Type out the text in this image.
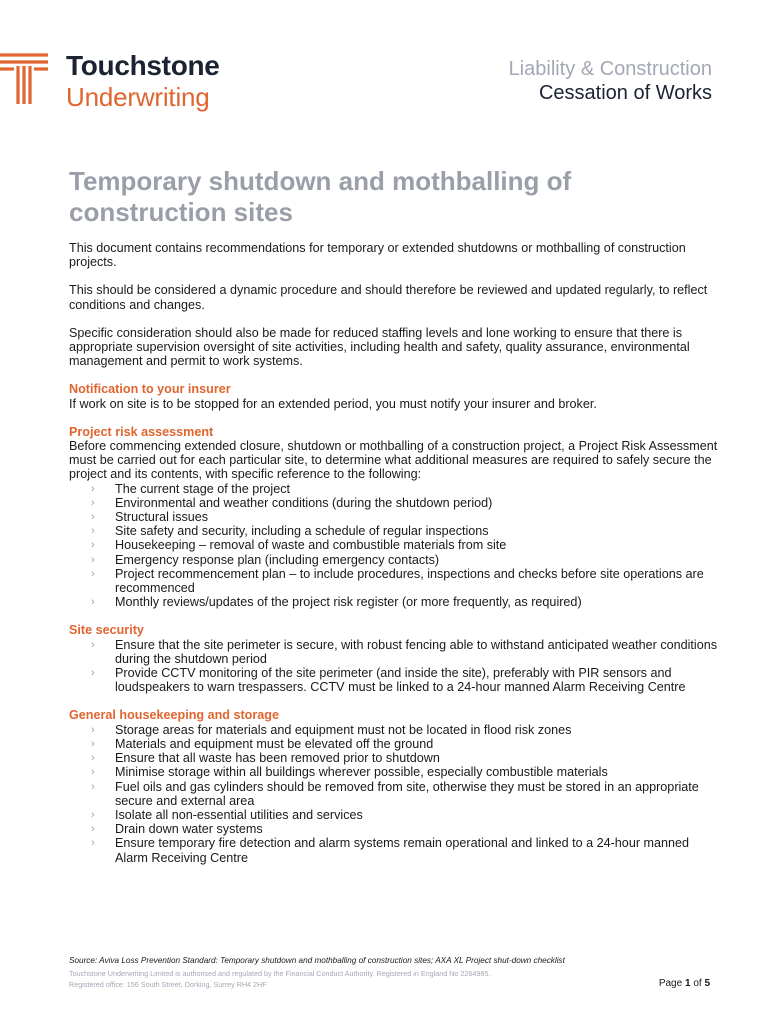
Touchstone
Underwriting
Liability & Construction
Cessation of Works
Temporary shutdown and mothballing of construction sites

This document contains recommendations for temporary or extended shutdowns or mothballing of construction projects.

This should be considered a dynamic procedure and should therefore be reviewed and updated regularly, to reflect conditions and changes.

Specific consideration should also be made for reduced staffing levels and lone working to ensure that there is appropriate supervision oversight of site activities, including health and safety, quality assurance, environmental management and permit to work systems.

Notification to your insurer
If work on site is to be stopped for an extended period, you must notify your insurer and broker.
Project risk assessment
Before commencing extended closure, shutdown or mothballing of a construction project, a Project Risk Assessment must be carried out for each particular site, to determine what additional measures are required to safely secure the project and its contents, with specific reference to the following:
› The current stage of the project
› Environmental and weather conditions (during the shutdown period)
› Structural issues
› Site safety and security, including a schedule of regular inspections
› Housekeeping – removal of waste and combustible materials from site
› Emergency response plan (including emergency contacts)
› Project recommencement plan – to include procedures, inspections and checks before site operations are recommenced
› Monthly reviews/updates of the project risk register (or more frequently, as required)
Site security
› Ensure that the site perimeter is secure, with robust fencing able to withstand anticipated weather conditions during the shutdown period
› Provide CCTV monitoring of the site perimeter (and inside the site), preferably with PIR sensors and loudspeakers to warn trespassers. CCTV must be linked to a 24-hour manned Alarm Receiving Centre
General housekeeping and storage
› Storage areas for materials and equipment must not be located in flood risk zones
› Materials and equipment must be elevated off the ground
› Ensure that all waste has been removed prior to shutdown
› Minimise storage within all buildings wherever possible, especially combustible materials
› Fuel oils and gas cylinders should be removed from site, otherwise they must be stored in an appropriate secure and external area
› Isolate all non-essential utilities and services
› Drain down water systems
› Ensure temporary fire detection and alarm systems remain operational and linked to a 24-hour manned Alarm Receiving Centre
Source: Aviva Loss Prevention Standard: Temporary shutdown and mothballing of construction sites; AXA XL Project shut-down checklist
Touchstone Underwriting Limited is authorised and regulated by the Financial Conduct Authority. Registered in England No 2264985.
Registered office: 156 South Street, Dorking, Surrey RH4 2HF	Page 1 of 5
